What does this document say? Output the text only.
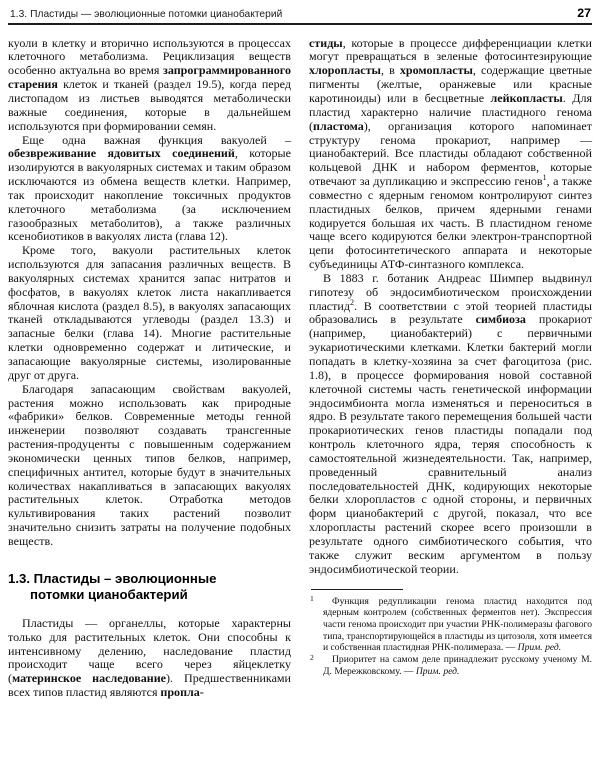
1.3. Пластиды — эволюционные потомки цианобактерий	27

куоли в клетку и вторично используются в процессах клеточного метаболизма. Рециклизация веществ особенно актуальна во время запрограммированного старения клеток и тканей (раздел 19.5), когда перед листопадом из листьев выводятся метаболически важные соединения, которые в дальнейшем используются при формировании семян.

Еще одна важная функция вакуолей – обезвреживание ядовитых соединений, которые изолируются в вакуолярных системах и таким образом исключаются из обмена веществ клетки. Например, так происходит накопление токсичных продуктов клеточного метаболизма (за исключением газообразных метаболитов), а также различных ксенобиотиков в вакуолях листа (глава 12).

Кроме того, вакуоли растительных клеток используются для запасания различных веществ. В вакуолярных системах хранится запас нитратов и фосфатов, в вакуолях клеток листа накапливается яблочная кислота (раздел 8.5), в вакуолях запасающих тканей откладываются углеводы (раздел 13.3) и запасные белки (глава 14). Многие растительные клетки одновременно содержат и литические, и запасающие вакуолярные системы, изолированные друг от друга.

Благодаря запасающим свойствам вакуолей, растения можно использовать как природные «фабрики» белков. Современные методы генной инженерии позволяют создавать трансгенные растения-продуценты с повышенным содержанием экономически ценных типов белков, например, специфичных антител, которые будут в значительных количествах накапливаться в запасающих вакуолях растительных клеток. Отработка методов культивирования таких растений позволит значительно снизить затраты на получение подобных веществ.

1.3. Пластиды – эволюционные
потомки цианобактерий

Пластиды — органеллы, которые характерны только для растительных клеток. Они способны к интенсивному делению, наследование пластид происходит чаще всего через яйцеклетку (материнское наследование). Предшественниками всех типов пластид являются пропла-

стиды, которые в процессе дифференциации клетки могут превращаться в зеленые фотосинтезирующие хлоропласты, в хромопласты, содержащие цветные пигменты (желтые, оранжевые или красные каротиноиды) или в бесцветные лейкопласты. Для пластид характерно наличие пластидного генома (пластома), организация которого напоминает структуру генома прокариот, например — цианобактерий. Все пластиды обладают собственной кольцевой ДНК и набором ферментов, которые отвечают за дупликацию и экспрессию генов$^1$, а также совместно с ядерным геномом контролируют синтез пластидных белков, причем ядерными генами кодируется большая их часть. В пластидном геноме чаще всего кодируются белки электрон-транспортной цепи фотосинтетического аппарата и некоторые субъединицы АТФ-синтазного комплекса.

В 1883 г. ботаник Андреас Шимпер выдвинул гипотезу об эндосимбиотическом происхождении пластид$^2$. В соответствии с этой теорией пластиды образовались в результате симбиоза прокариот (например, цианобактерий) с первичными эукариотическими клетками. Клетки бактерий могли попадать в клетку-хозяина за счет фагоцитоза (рис. 1.8), в процессе формирования новой составной клеточной системы часть генетической информации эндосимбионта могла изменяться и переноситься в ядро. В результате такого перемещения большей части прокариотических генов пластиды попадали под контроль клеточного ядра, теряя способность к самостоятельной жизнедеятельности. Так, например, проведенный сравнительный анализ последовательностей ДНК, кодирующих некоторые белки хлоропластов с одной стороны, и первичных форм цианобактерий с другой, показал, что все хлоропласты растений скорее всего произошли в результате одного симбиотического события, что также служит веским аргументом в пользу эндосимбиотической теории.

1 Функция редупликации генома пластид находится под ядерным контролем (собственных ферментов нет). Экспрессия части генома происходит при участии РНК-полимеразы фагового типа, транспортирующейся в пластиды из цитозоля, хотя имеется и собственная пластидная РНК-полимераза. — Прим. ред.

2 Приоритет на самом деле принадлежит русскому ученому М. Д. Мережковскому. — Прим. ред.
